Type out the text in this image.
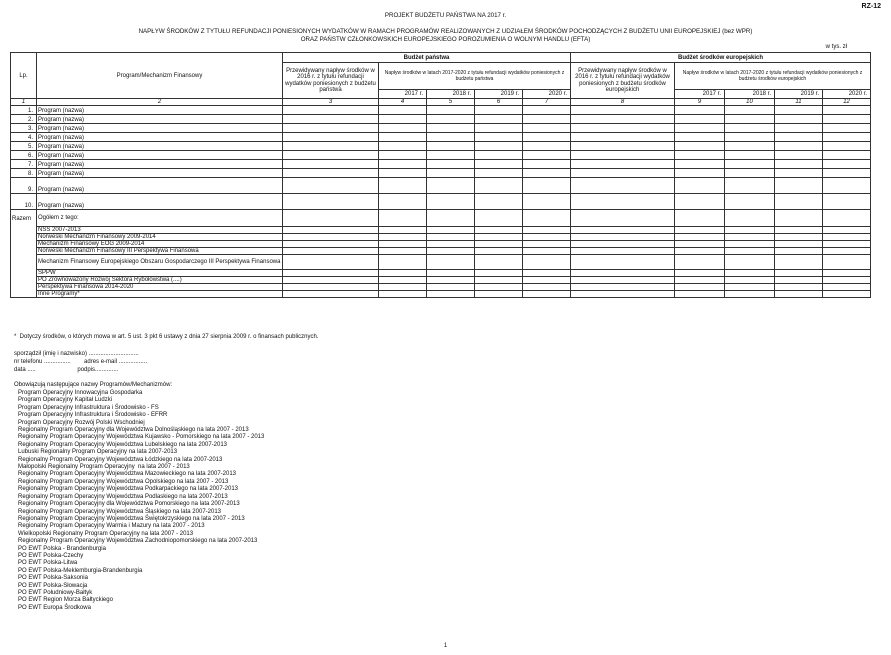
RZ-12
PROJEKT BUDŻETU PAŃSTWA NA 2017 r.
NAPŁYW ŚRODKÓW Z TYTUŁU REFUNDACJI PONIESIONYCH WYDATKÓW W RAMACH PROGRAMÓW REALIZOWANYCH Z UDZIAŁEM ŚRODKÓW POCHODZĄCYCH Z BUDŻETU UNII EUROPEJSKIEJ (bez WPR)
ORAZ PAŃSTW CZŁONKOWSKICH EUROPEJSKIEGO POROZUMIENIA O WOLNYM HANDLU (EFTA)
w tys. zł
Lp.	Program/Mechanizm Finansowy	Budżet państwa					Budżet środków europejskich				
		Przewidywany napływ środków w 2016 r. z tytułu refundacji wydatków poniesionych z budżetu państwa	Napływ środków w latach 2017-2020 z tytułu refundacji wydatków poniesionych z budżetu państwa				Przewidywany napływ środków w 2016 r. z tytułu refundacji wydatków poniesionych z budżetu środków europejskich	Napływ środków w latach 2017-2020 z tytułu refundacji wydatków poniesionych z budżetu środków europejskich			
			2017 r.	2018 r.	2019 r.	2020 r.		2017 r.	2018 r.	2019 r.	2020 r.
1	2	3	4	5	6	7	8	9	10	11	12
1.	Program (nazwa)										
2.	Program (nazwa)										
3.	Program (nazwa)										
4.	Program (nazwa)										
5.	Program (nazwa)										
6.	Program (nazwa)										
7.	Program (nazwa)										
8.	Program (nazwa)										
9.	Program (nazwa)										
10.	Program (nazwa)										
Razem	Ogółem z tego:										
	NSS 2007-2013										
	Norweski Mechanizm Finansowy 2009-2014										
	Mechanizm Finansowy EOG 2009-2014										
	Norweski Mechanizm Finansowy III Perspektywa Finansowa										
	Mechanizm Finansowy Europejskiego Obszaru Gospodarczego III Perspektywa Finansowa										
	SPPW										
	PO Zrównoważony Rozwój Sektora Rybołówstwa (....)										
	Perspektywa Finansowa 2014-2020										
	Inne Programy*										
*  Dotyczy środków, o których mowa w art. 5 ust. 3 pkt 6 ustawy z dnia 27 sierpnia 2009 r. o finansach publicznych.
sporządził (imię i nazwisko) ..............................
nr telefonu ................        adres e-mail .................
data .....                         podpis..............
Obowiązują następujące nazwy Programów/Mechanizmów:
Program Operacyjny Innowacyjna Gospodarka
Program Operacyjny Kapitał Ludzki
Program Operacyjny Infrastruktura i Środowisko - FS
Program Operacyjny Infrastruktura i Środowisko - EFRR
Program Operacyjny Rozwój Polski Wschodniej
Regionalny Program Operacyjny dla Województwa Dolnośląskiego na lata 2007 - 2013
Regionalny Program Operacyjny Województwa Kujawsko - Pomorskiego na lata 2007 - 2013
Regionalny Program Operacyjny Województwa Lubelskiego na lata 2007-2013
Lubuski Regionalny Program Operacyjny na lata 2007-2013
Regionalny Program Operacyjny Województwa Łódzkiego na lata 2007-2013
Małopolski Regionalny Program Operacyjny  na lata 2007 - 2013
Regionalny Program Operacyjny Województwa Mazowieckiego na lata 2007-2013
Regionalny Program Operacyjny Województwa Opolskiego na lata 2007 - 2013
Regionalny Program Operacyjny Województwa Podkarpackiego na lata 2007-2013
Regionalny Program Operacyjny Województwa Podlaskiego na lata 2007-2013
Regionalny Program Operacyjny dla Województwa Pomorskiego na lata 2007-2013
Regionalny Program Operacyjny Województwa Śląskiego na lata 2007-2013
Regionalny Program Operacyjny Województwa Świętokrzyskiego na lata 2007 - 2013
Regionalny Program Operacyjny Warmia i Mazury na lata 2007 - 2013
Wielkopolski Regionalny Program Operacyjny na lata 2007 - 2013
Regionalny Program Operacyjny Województwa Zachodniopomorskiego na lata 2007-2013
PO EWT Polska - Brandenburgia
PO EWT Polska-Czechy
PO EWT Polska-Litwa
PO EWT Polska-Meklemburgia-Brandenburgia
PO EWT Polska-Saksonia
PO EWT Polska-Słowacja
PO EWT Południowy-Bałtyk
PO EWT Region Morza Bałtyckiego
PO EWT Europa Środkowa
1
